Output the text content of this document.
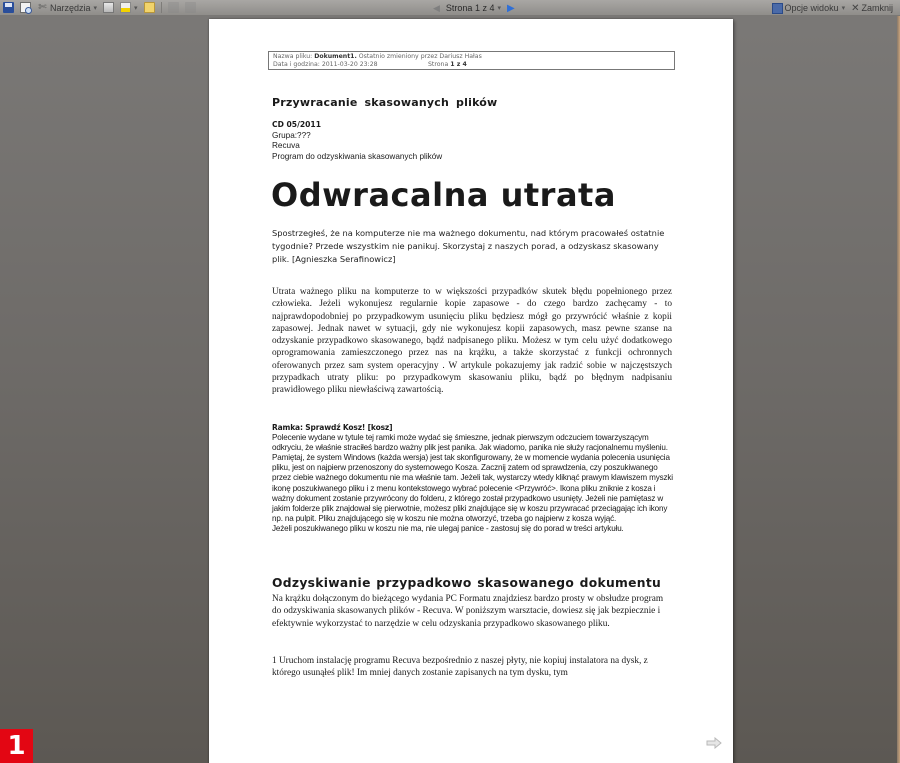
✄ Narzędzia ▾	▾	◀ Strona 1 z 4 ▾ ▶	Opcje widoku ▾ ✕ Zamknij
Nazwa pliku: Dokument1. Ostatnio zmieniony przez Dariusz Hałas
Data i godzina: 2011-03-20 23:28	Strona 1 z 4
Przywracanie skasowanych plików
CD 05/2011
Grupa:???
Recuva
Program do odzyskiwania skasowanych plików
Odwracalna utrata
Spostrzegłeś, że na komputerze nie ma ważnego dokumentu, nad którym pracowałeś ostatnie tygodnie? Przede wszystkim nie panikuj. Skorzystaj z naszych porad, a odzyskasz skasowany plik. [Agnieszka Serafinowicz]
Utrata ważnego pliku na komputerze to w większości przypadków skutek błędu popełnionego przez człowieka. Jeżeli wykonujesz regularnie kopie zapasowe - do czego bardzo zachęcamy - to najprawdopodobniej po przypadkowym usunięciu pliku będziesz mógł go przywrócić właśnie z kopii zapasowej. Jednak nawet w sytuacji, gdy nie wykonujesz kopii zapasowych, masz pewne szanse na odzyskanie przypadkowo skasowanego, bądź nadpisanego pliku. Możesz w tym celu użyć dodatkowego oprogramowania zamieszczonego przez nas na krążku, a także skorzystać z funkcji ochronnych oferowanych przez sam system operacyjny . W artykule pokazujemy jak radzić sobie w najczęstszych przypadkach utraty pliku: po przypadkowym skasowaniu pliku, bądź po błędnym nadpisaniu prawidłowego pliku niewłaściwą zawartością.
Ramka: Sprawdź Kosz! [kosz]
Polecenie wydane w tytule tej ramki może wydać się śmieszne, jednak pierwszym odczuciem towarzyszącym odkryciu, że właśnie straciłeś bardzo ważny plik jest panika. Jak wiadomo, panika nie służy racjonalnemu myśleniu. Pamiętaj, że system Windows (każda wersja) jest tak skonfigurowany, że w momencie wydania polecenia usunięcia pliku, jest on najpierw przenoszony do systemowego Kosza. Zacznij zatem od sprawdzenia, czy poszukiwanego przez ciebie ważnego dokumentu nie ma właśnie tam. Jeżeli tak, wystarczy wtedy kliknąć prawym klawiszem myszki ikonę poszukiwanego pliku i z menu kontekstowego wybrać polecenie <Przywróć>. Ikona pliku zniknie z kosza i ważny dokument zostanie przywrócony do folderu, z którego został przypadkowo usunięty. Jeżeli nie pamiętasz w jakim folderze plik znajdował się pierwotnie, możesz pliki znajdujące się w koszu przywracać przeciągając ich ikony np. na pulpit. Pliku znajdującego się w koszu nie można otworzyć, trzeba go najpierw z kosza wyjąć.
Jeżeli poszukiwanego pliku w koszu nie ma, nie ulegaj panice - zastosuj się do porad w treści artykułu.
Odzyskiwanie przypadkowo skasowanego dokumentu
Na krążku dołączonym do bieżącego wydania PC Formatu znajdziesz bardzo prosty w obsłudze program do odzyskiwania skasowanych plików - Recuva. W poniższym warsztacie, dowiesz się jak bezpiecznie i efektywnie wykorzystać to narzędzie w celu odzyskania przypadkowo skasowanego pliku.
1 Uruchom instalację programu Recuva bezpośrednio z naszej płyty, nie kopiuj instalatora na dysk, z którego usunąłeś plik! Im mniej danych zostanie zapisanych na tym dysku, tym
1
